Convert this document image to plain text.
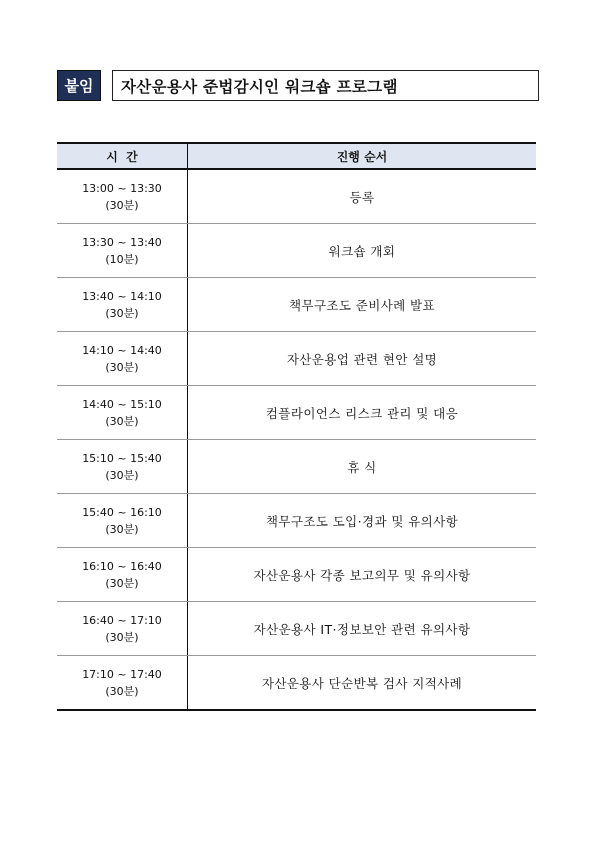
붙임	자산운용사 준법감시인 워크숍 프로그램
시  간	진행 순서

13:00 ~ 13:30
(30분)	등록

13:30 ~ 13:40
(10분)	워크숍 개회

13:40 ~ 14:10
(30분)	책무구조도 준비사례 발표

14:10 ~ 14:40
(30분)	자산운용업 관련 현안 설명

14:40 ~ 15:10
(30분)	컴플라이언스 리스크 관리 및 대응

15:10 ~ 15:40
(30분)	휴 식

15:40 ~ 16:10
(30분)	책무구조도 도입·경과 및 유의사항

16:10 ~ 16:40
(30분)	자산운용사 각종 보고의무 및 유의사항

16:40 ~ 17:10
(30분)	자산운용사 IT·정보보안 관련 유의사항

17:10 ~ 17:40
(30분)	자산운용사 단순반복 검사 지적사례
